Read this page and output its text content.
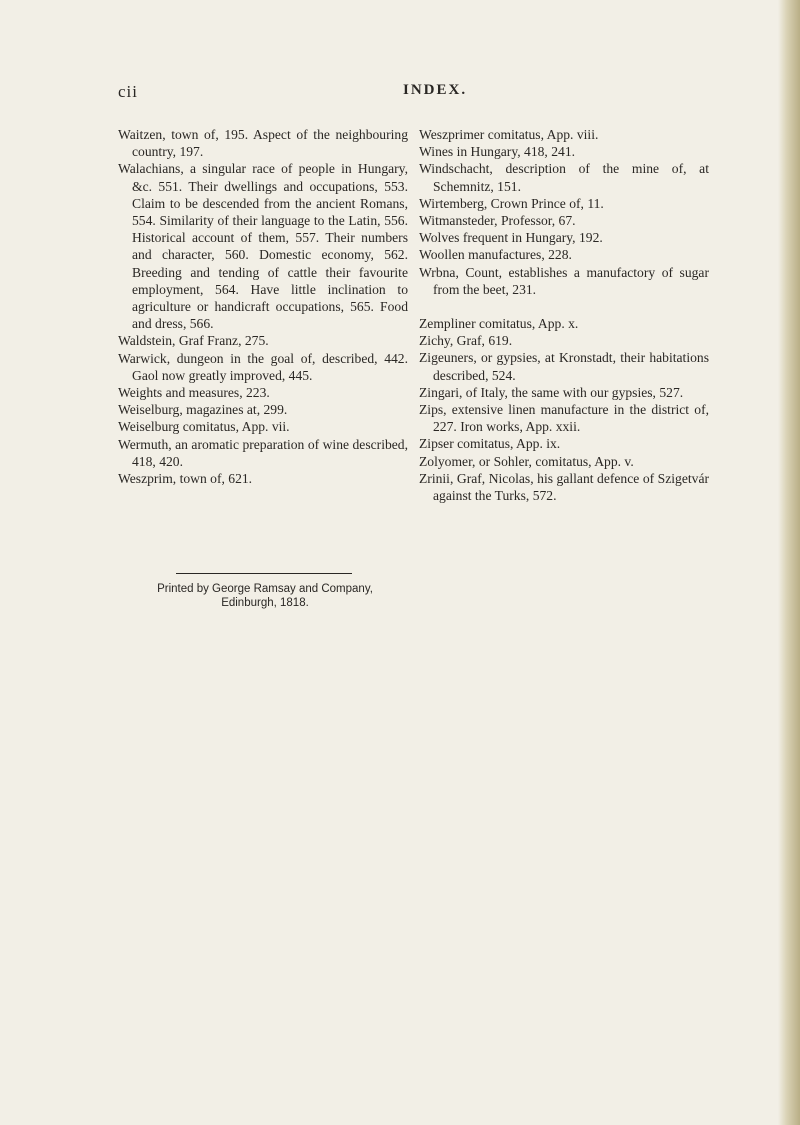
cii	INDEX.

Waitzen, town of, 195. Aspect of the neighbouring country, 197.

Walachians, a singular race of people in Hungary, &c. 551. Their dwellings and occupations, 553. Claim to be descended from the ancient Romans, 554. Similarity of their language to the Latin, 556. Historical account of them, 557. Their numbers and character, 560. Domestic economy, 562. Breeding and tending of cattle their favourite employment, 564. Have little inclination to agriculture or handicraft occupations, 565. Food and dress, 566.

Waldstein, Graf Franz, 275.

Warwick, dungeon in the goal of, described, 442. Gaol now greatly improved, 445.

Weights and measures, 223.

Weiselburg, magazines at, 299.

Weiselburg comitatus, App. vii.

Wermuth, an aromatic preparation of wine described, 418, 420.

Weszprim, town of, 621.

Weszprimer comitatus, App. viii.

Wines in Hungary, 418, 241.

Windschacht, description of the mine of, at Schemnitz, 151.

Wirtemberg, Crown Prince of, 11.

Witmansteder, Professor, 67.

Wolves frequent in Hungary, 192.

Woollen manufactures, 228.

Wrbna, Count, establishes a manufactory of sugar from the beet, 231.

Zempliner comitatus, App. x.

Zichy, Graf, 619.

Zigeuners, or gypsies, at Kronstadt, their habitations described, 524.

Zingari, of Italy, the same with our gypsies, 527.

Zips, extensive linen manufacture in the district of, 227. Iron works, App. xxii.

Zipser comitatus, App. ix.

Zolyomer, or Sohler, comitatus, App. v.

Zrinii, Graf, Nicolas, his gallant defence of Szigetvár against the Turks, 572.

Printed by George Ramsay and Company,
Edinburgh, 1818.
